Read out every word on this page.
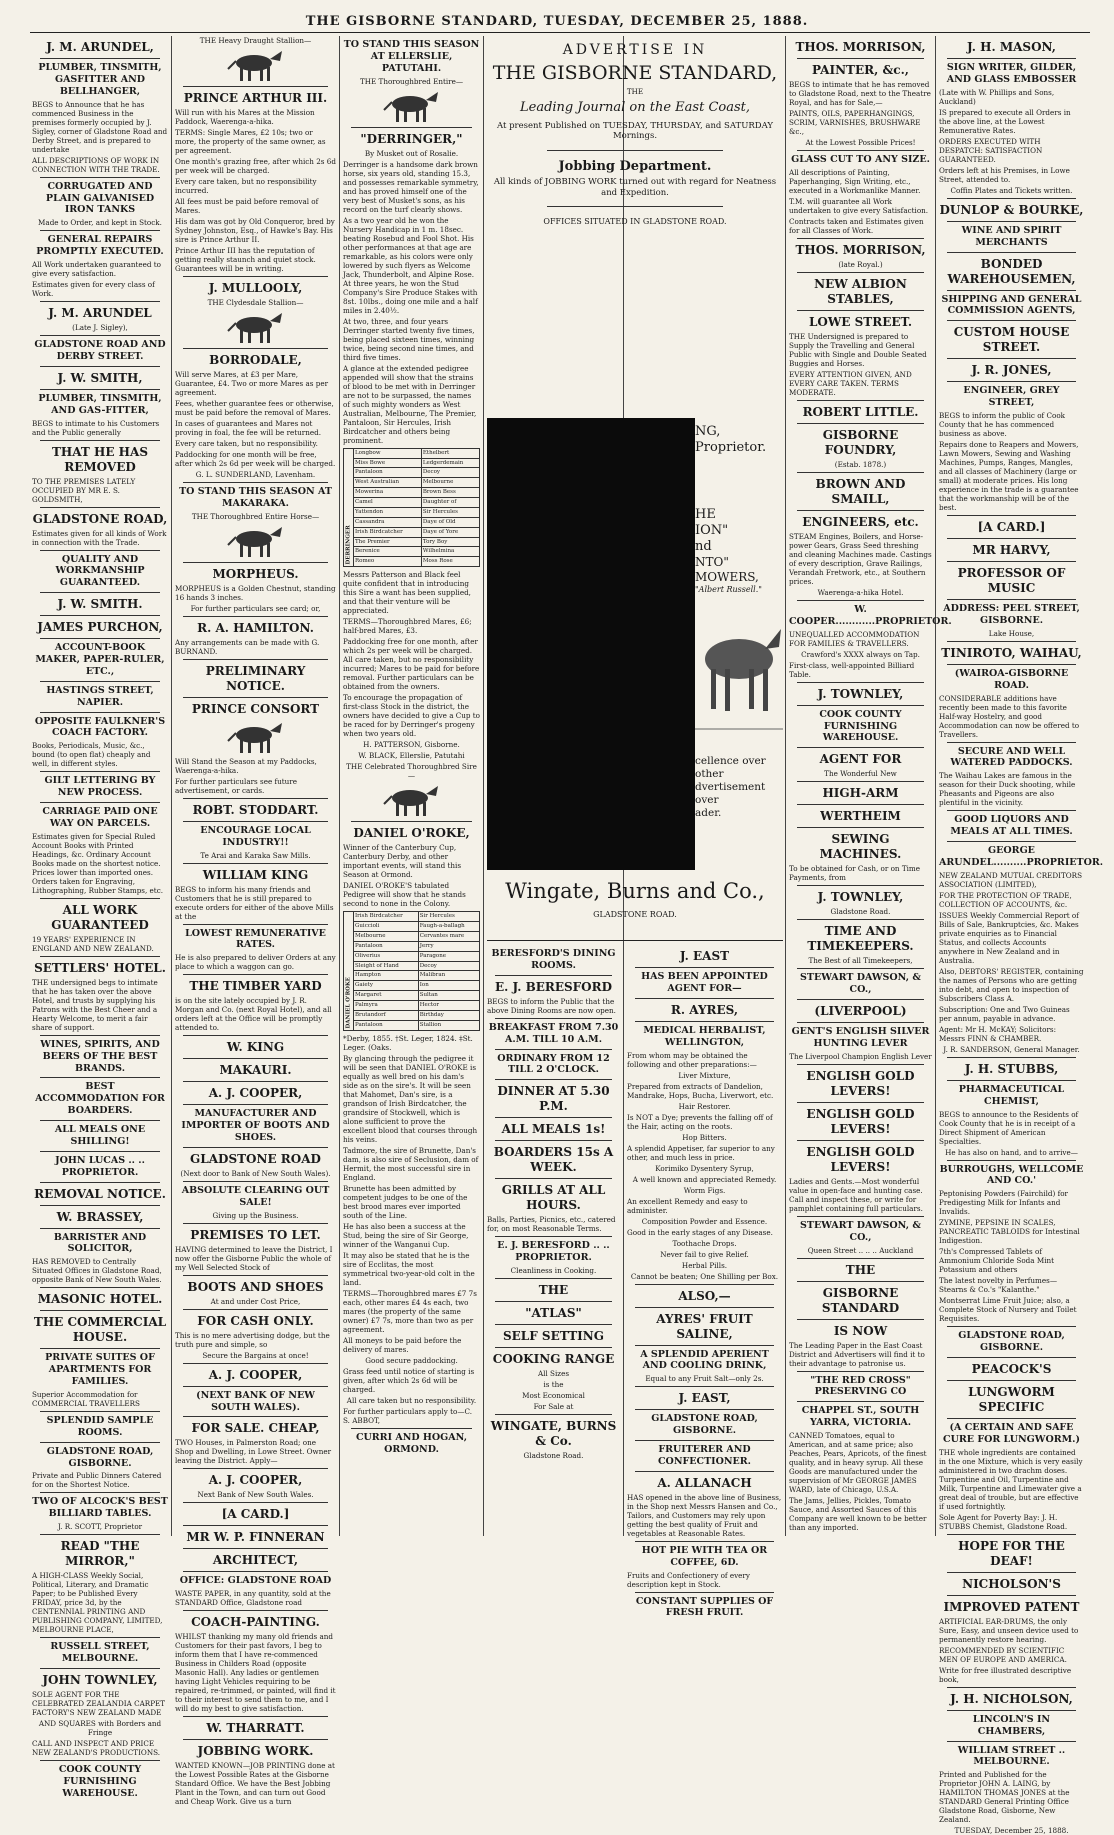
THE GISBORNE STANDARD, TUESDAY, DECEMBER 25, 1888.

J. M. ARUNDEL,

PLUMBER, TINSMITH, GASFITTER AND BELLHANGER,

BEGS to Announce that he has commenced Business in the premises formerly occupied by J. Sigley, corner of Gladstone Road and Derby Street, and is prepared to undertake

ALL DESCRIPTIONS OF WORK IN CONNECTION WITH THE TRADE.

CORRUGATED AND PLAIN GALVANISED IRON TANKS

Made to Order, and kept in Stock.

GENERAL REPAIRS PROMPTLY EXECUTED.

All Work undertaken guaranteed to give every satisfaction.

Estimates given for every class of Work.

J. M. ARUNDEL

(Late J. Sigley),

GLADSTONE ROAD AND DERBY STREET.

J. W. SMITH,

PLUMBER, TINSMITH, AND GAS-FITTER,

BEGS to intimate to his Customers and the Public generally

THAT HE HAS REMOVED

TO THE PREMISES LATELY OCCUPIED BY MR E. S. GOLDSMITH,

GLADSTONE ROAD,

Estimates given for all kinds of Work in connection with the Trade.

QUALITY AND WORKMANSHIP GUARANTEED.

J. W. SMITH.

JAMES PURCHON,

ACCOUNT-BOOK MAKER, PAPER-RULER, ETC.,

HASTINGS STREET, NAPIER.

OPPOSITE FAULKNER'S COACH FACTORY.

Books, Periodicals, Music, &c., bound (to open flat) cheaply and well, in different styles.

GILT LETTERING BY NEW PROCESS.

CARRIAGE PAID ONE WAY ON PARCELS.

Estimates given for Special Ruled Account Books with Printed Headings, &c. Ordinary Account Books made on the shortest notice. Prices lower than imported ones. Orders taken for Engraving, Lithographing, Rubber Stamps, etc.

ALL WORK GUARANTEED

19 YEARS' EXPERIENCE IN ENGLAND AND NEW ZEALAND.

SETTLERS' HOTEL.

THE undersigned begs to intimate that he has taken over the above Hotel, and trusts by supplying his Patrons with the Best Cheer and a Hearty Welcome, to merit a fair share of support.

WINES, SPIRITS, AND BEERS OF THE BEST BRANDS.

BEST ACCOMMODATION FOR BOARDERS.

ALL MEALS ONE SHILLING!

JOHN LUCAS .. .. PROPRIETOR.

REMOVAL NOTICE.

W. BRASSEY,

BARRISTER AND SOLICITOR,

HAS REMOVED to Centrally Situated Offices in Gladstone Road, opposite Bank of New South Wales.

MASONIC HOTEL.

THE COMMERCIAL HOUSE.

PRIVATE SUITES OF APARTMENTS FOR FAMILIES.

Superior Accommodation for COMMERCIAL TRAVELLERS

SPLENDID SAMPLE ROOMS.

GLADSTONE ROAD, GISBORNE.

Private and Public Dinners Catered for on the Shortest Notice.

TWO OF ALCOCK'S BEST BILLIARD TABLES.

J. R. SCOTT, Proprietor

READ "THE MIRROR,"

A HIGH-CLASS Weekly Social, Political, Literary, and Dramatic Paper; to be Published Every FRIDAY, price 3d, by the CENTENNIAL PRINTING AND PUBLISHING COMPANY, LIMITED, MELBOURNE PLACE,

RUSSELL STREET, MELBOURNE.

JOHN TOWNLEY,

SOLE AGENT FOR THE CELEBRATED ZEALANDIA CARPET FACTORY'S NEW ZEALAND MADE

AND SQUARES with Borders and Fringe

CALL AND INSPECT AND PRICE NEW ZEALAND'S PRODUCTIONS.

COOK COUNTY FURNISHING WAREHOUSE.

THE Heavy Draught Stallion—

PRINCE ARTHUR III.

Will run with his Mares at the Mission Paddock, Waerenga-a-hika.

TERMS: Single Mares, £2 10s; two or more, the property of the same owner, as per agreement.

One month's grazing free, after which 2s 6d per week will be charged.

Every care taken, but no responsibility incurred.

All fees must be paid before removal of Mares.

His dam was got by Old Conqueror, bred by Sydney Johnston, Esq., of Hawke's Bay. His sire is Prince Arthur II.

Prince Arthur III has the reputation of getting really staunch and quiet stock. Guarantees will be in writing.

J. MULLOOLY,

THE Clydesdale Stallion—

BORRODALE,

Will serve Mares, at £3 per Mare, Guarantee, £4. Two or more Mares as per agreement.

Fees, whether guarantee fees or otherwise, must be paid before the removal of Mares.

In cases of guarantees and Mares not proving in foal, the fee will be returned.

Every care taken, but no responsibility.

Paddocking for one month will be free, after which 2s 6d per week will be charged.

G. L. SUNDERLAND, Lavenham.

TO STAND THIS SEASON AT MAKARAKA.

THE Thoroughbred Entire Horse—

MORPHEUS.

MORPHEUS is a Golden Chestnut, standing 16 hands 3 inches.

For further particulars see card; or,

R. A. HAMILTON.

Any arrangements can be made with G. BURNAND.

PRELIMINARY NOTICE.

PRINCE CONSORT

Will Stand the Season at my Paddocks, Waerenga-a-hika.

For further particulars see future advertisement, or cards.

ROBT. STODDART.

ENCOURAGE LOCAL INDUSTRY!!

Te Arai and Karaka Saw Mills.

WILLIAM KING

BEGS to inform his many friends and Customers that he is still prepared to execute orders for either of the above Mills at the

LOWEST REMUNERATIVE RATES.

He is also prepared to deliver Orders at any place to which a waggon can go.

THE TIMBER YARD

is on the site lately occupied by J. R. Morgan and Co. (next Royal Hotel), and all orders left at the Office will be promptly attended to.

W. KING

MAKAURI.

A. J. COOPER,

MANUFACTURER AND IMPORTER OF BOOTS AND SHOES.

GLADSTONE ROAD

(Next door to Bank of New South Wales).

ABSOLUTE CLEARING OUT SALE!

Giving up the Business.

PREMISES TO LET.

HAVING determined to leave the District, I now offer the Gisborne Public the whole of my Well Selected Stock of

BOOTS AND SHOES

At and under Cost Price,

FOR CASH ONLY.

This is no mere advertising dodge, but the truth pure and simple, so

Secure the Bargains at once!

A. J. COOPER,

(NEXT BANK OF NEW SOUTH WALES).

FOR SALE. CHEAP,

TWO Houses, in Palmerston Road; one Shop and Dwelling, in Lowe Street. Owner leaving the District. Apply—

A. J. COOPER,

Next Bank of New South Wales.

[A CARD.]

MR W. P. FINNERAN

ARCHITECT,

OFFICE: GLADSTONE ROAD

WASTE PAPER, in any quantity, sold at the STANDARD Office, Gladstone road

COACH-PAINTING.

WHILST thanking my many old friends and Customers for their past favors, I beg to inform them that I have re-commenced Business in Childers Road (opposite Masonic Hall). Any ladies or gentlemen having Light Vehicles requiring to be repaired, re-trimmed, or painted, will find it to their interest to send them to me, and I will do my best to give satisfaction.

W. THARRATT.

JOBBING WORK.

WANTED KNOWN—JOB PRINTING done at the Lowest Possible Rates at the Gisborne Standard Office. We have the Best Jobbing Plant in the Town, and can turn out Good and Cheap Work. Give us a turn

TO STAND THIS SEASON AT ELLERSLIE, PATUTAHI.

THE Thoroughbred Entire—

"DERRINGER,"

By Musket out of Rosalie.

Derringer is a handsome dark brown horse, six years old, standing 15.3, and possesses remarkable symmetry, and has proved himself one of the very best of Musket's sons, as his record on the turf clearly shows.

As a two year old he won the Nursery Handicap in 1 m. 18sec. beating Rosebud and Fool Shot. His other performances at that age are remarkable, as his colors were only lowered by such flyers as Welcome Jack, Thunderbolt, and Alpine Rose. At three years, he won the Stud Company's Sire Produce Stakes with 8st. 10lbs., doing one mile and a half miles in 2.40½.

At two, three, and four years Derringer started twenty five times, being placed sixteen times, winning twice, being second nine times, and third five times.

A glance at the extended pedigree appended will show that the strains of blood to be met with in Derringer are not to be surpassed, the names of such mighty wonders as West Australian, Melbourne, The Premier, Pantaloon, Sir Hercules, Irish Birdcatcher and others being prominent.

DERRINGER	Longbow	Ethelbert
	Miss Bowe	Ledgerdemain
	Pantaloon	Decoy
	West Australian	Melbourne
	Mowerina	Brown Bess
	Camel	Daughter of
	Yattendon	Sir Hercules
	Cassandra	Daye of Old
	Irish Birdcatcher	Daye of Yore
	The Premier	Tory Boy
	Berenice	Wilhelmina
	Romeo	Moss Rose

Messrs Patterson and Black feel quite confident that in introducing this Sire a want has been supplied, and that their venture will be appreciated.

TERMS—Thoroughbred Mares, £6; half-bred Mares, £3.

Paddocking free for one month, after which 2s per week will be charged. All care taken, but no responsibility incurred; Mares to be paid for before removal. Further particulars can be obtained from the owners.

To encourage the propagation of first-class Stock in the district, the owners have decided to give a Cup to be raced for by Derringer's progeny when two years old.

H. PATTERSON, Gisborne.

W. BLACK, Ellerslie, Patutahi

THE Celebrated Thoroughbred Sire—

DANIEL O'ROKE,

Winner of the Canterbury Cup, Canterbury Derby, and other important events, will stand this Season at Ormond.

DANIEL O'ROKE'S tabulated Pedigree will show that he stands second to none in the Colony.

DANIEL O'ROKE	Irish Birdcatcher	Sir Hercules
	Guiccioli	Faugh-a-ballagh
	Melbourne	Cervantes mare
	Pantaloon	Jerry
	Oliverius	Paragone
	Sleight of Hand	Decoy
	Hampton	Malibran
	Gaiety	Ion
	Margaret	Sultan
	Palmyra	Hector
	Brutandorf	Birthday
	Pantaloon	Stallion

*Derby, 1855. †St. Leger, 1824. ‡St. Leger. (Oaks.

By glancing through the pedigree it will be seen that DANIEL O'ROKE is equally as well bred on his dam's side as on the sire's. It will be seen that Mahomet, Dan's sire, is a grandson of Irish Birdcatcher, the grandsire of Stockwell, which is alone sufficient to prove the excellent blood that courses through his veins.

Tadmore, the sire of Brunette, Dan's dam, is also sire of Seclusion, dam of Hermit, the most successful sire in England.

Brunette has been admitted by competent judges to be one of the best brood mares ever imported south of the Line.

He has also been a success at the Stud, being the sire of Sir George, winner of the Wanganui Cup.

It may also be stated that he is the sire of Ecclitas, the most symmetrical two-year-old colt in the land.

TERMS—Thoroughbred mares £7 7s each, other mares £4 4s each, two mares (the property of the same owner) £7 7s, more than two as per agreement.

All moneys to be paid before the delivery of mares.

Good secure paddocking.

Grass feed until notice of starting is given, after which 2s 6d will be charged.

All care taken but no responsibility.

For further particulars apply to—C. S. ABBOT,

CURRI AND HOGAN, ORMOND.

ADVERTISE IN
THE GISBORNE STANDARD,
THE
Leading Journal on the East Coast,
At present Published on TUESDAY, THURSDAY, and SATURDAY Mornings.
Jobbing Department.
All kinds of JOBBING WORK turned out with regard for Neatness and Expedition.
OFFICES SITUATED IN GLADSTONE ROAD.
NG, Proprietor.
HE
ION"
nd
NTO" MOWERS,
"Albert Russell."
cellence over other
dvertisement over
ader.
Wingate, Burns and Co.,
GLADSTONE ROAD.

BERESFORD'S DINING ROOMS.

E. J. BERESFORD

BEGS to inform the Public that the above Dining Rooms are now open.

BREAKFAST FROM 7.30 A.M. TILL 10 A.M.

ORDINARY FROM 12 TILL 2 O'CLOCK.

DINNER AT 5.30 P.M.

ALL MEALS 1s!

BOARDERS 15s A WEEK.

GRILLS AT ALL HOURS.

Balls, Parties, Picnics, etc., catered for, on most Reasonable Terms.

E. J. BERESFORD .. .. PROPRIETOR.

Cleanliness in Cooking.

THE

"ATLAS"

SELF SETTING

COOKING RANGE

All Sizes

is the

Most Economical

For Sale at

WINGATE, BURNS & Co.

Gladstone Road.

J. EAST

HAS BEEN APPOINTED AGENT FOR—

R. AYRES,

MEDICAL HERBALIST, WELLINGTON,

From whom may be obtained the following and other preparations:—

Liver Mixture,

Prepared from extracts of Dandelion, Mandrake, Hops, Bucha, Liverwort, etc.

Hair Restorer.

Is NOT a Dye; prevents the falling off of the Hair, acting on the roots.

Hop Bitters.

A splendid Appetiser, far superior to any other, and much less in price.

Korimiko Dysentery Syrup,

A well known and appreciated Remedy.

Worm Figs.

An excellent Remedy and easy to administer.

Composition Powder and Essence.

Good in the early stages of any Disease.

Toothache Drops.

Never fail to give Relief.

Herbal Pills.

Cannot be beaten; One Shilling per Box.

ALSO,—

AYRES' FRUIT SALINE,

A SPLENDID APERIENT AND COOLING DRINK,

Equal to any Fruit Salt—only 2s.

J. EAST,

GLADSTONE ROAD, GISBORNE.

FRUITERER AND CONFECTIONER.

A. ALLANACH

HAS opened in the above line of Business, in the Shop next Messrs Hansen and Co., Tailors, and Customers may rely upon getting the best quality of Fruit and vegetables at Reasonable Rates.

HOT PIE WITH TEA OR COFFEE, 6D.

Fruits and Confectionery of every description kept in Stock.

CONSTANT SUPPLIES OF FRESH FRUIT.

THOS. MORRISON,

PAINTER, &c.,

BEGS to intimate that he has removed to Gladstone Road, next to the Theatre Royal, and has for Sale,—

PAINTS, OILS, PAPERHANGINGS, SCRIM, VARNISHES, BRUSHWARE &c.,

At the Lowest Possible Prices!

GLASS CUT TO ANY SIZE.

All descriptions of Painting, Paperhanging, Sign Writing, etc., executed in a Workmanlike Manner.

T.M. will guarantee all Work undertaken to give every Satisfaction.

Contracts taken and Estimates given for all Classes of Work.

THOS. MORRISON,

(late Royal.)

NEW ALBION STABLES,

LOWE STREET.

THE Undersigned is prepared to Supply the Travelling and General Public with Single and Double Seated Buggies and Horses.

EVERY ATTENTION GIVEN, AND EVERY CARE TAKEN. TERMS MODERATE.

ROBERT LITTLE.

GISBORNE FOUNDRY,

(Estab. 1878.)

BROWN AND SMAILL,

ENGINEERS, etc.

STEAM Engines, Boilers, and Horse-power Gears, Grass Seed threshing and cleaning Machines made. Castings of every description, Grave Railings, Verandah Fretwork, etc., at Southern prices.

Waerenga-a-hika Hotel.

W. COOPER............PROPRIETOR.

UNEQUALLED ACCOMMODATION FOR FAMILIES & TRAVELLERS.

Crawford's XXXX always on Tap.

First-class, well-appointed Billiard Table.

J. TOWNLEY,

COOK COUNTY FURNISHING WAREHOUSE.

AGENT FOR

The Wonderful New

HIGH-ARM

WERTHEIM

SEWING MACHINES.

To be obtained for Cash, or on Time Payments, from

J. TOWNLEY,

Gladstone Road.

TIME AND TIMEKEEPERS.

The Best of all Timekeepers,

STEWART DAWSON, & CO.,

(LIVERPOOL)

GENT'S ENGLISH SILVER HUNTING LEVER

The Liverpool Champion English Lever

ENGLISH GOLD LEVERS!

ENGLISH GOLD LEVERS!

ENGLISH GOLD LEVERS!

Ladies and Gents.—Most wonderful value in open-face and hunting case. Call and inspect these, or write for pamphlet containing full particulars.

STEWART DAWSON, & CO.,

Queen Street .. .. .. Auckland

THE

GISBORNE STANDARD

IS NOW

The Leading Paper in the East Coast District and Advertisers will find it to their advantage to patronise us.

"THE RED CROSS" PRESERVING CO

CHAPPEL ST., SOUTH YARRA, VICTORIA.

CANNED Tomatoes, equal to American, and at same price; also Peaches, Pears, Apricots, of the finest quality, and in heavy syrup. All these Goods are manufactured under the supervision of Mr GEORGE JAMES WARD, late of Chicago, U.S.A.

The Jams, Jellies, Pickles, Tomato Sauce, and Assorted Sauces of this Company are well known to be better than any imported.

J. H. MASON,

SIGN WRITER, GILDER, AND GLASS EMBOSSER

(Late with W. Phillips and Sons, Auckland)

IS prepared to execute all Orders in the above line, at the Lowest Remunerative Rates.

ORDERS EXECUTED WITH DESPATCH: SATISFACTION GUARANTEED.

Orders left at his Premises, in Lowe Street, attended to.

Coffin Plates and Tickets written.

DUNLOP & BOURKE,

WINE AND SPIRIT MERCHANTS

BONDED WAREHOUSEMEN,

SHIPPING AND GENERAL COMMISSION AGENTS,

CUSTOM HOUSE STREET.

J. R. JONES,

ENGINEER, GREY STREET,

BEGS to inform the public of Cook County that he has commenced business as above.

Repairs done to Reapers and Mowers, Lawn Mowers, Sewing and Washing Machines, Pumps, Ranges, Mangles, and all classes of Machinery (large or small) at moderate prices. His long experience in the trade is a guarantee that the workmanship will be of the best.

[A CARD.]

MR HARVY,

PROFESSOR OF MUSIC

ADDRESS: PEEL STREET, GISBORNE.

Lake House,

TINIROTO, WAIHAU,

(WAIROA-GISBORNE ROAD.

CONSIDERABLE additions have recently been made to this favorite Half-way Hostelry, and good Accommodation can now be offered to Travellers.

SECURE AND WELL WATERED PADDOCKS.

The Waihau Lakes are famous in the season for their Duck shooting, while Pheasants and Pigeons are also plentiful in the vicinity.

GOOD LIQUORS AND MEALS AT ALL TIMES.

GEORGE ARUNDEL..........PROPRIETOR.

NEW ZEALAND MUTUAL CREDITORS ASSOCIATION (LIMITED),

FOR THE PROTECTION OF TRADE, COLLECTION OF ACCOUNTS, &c.

ISSUES Weekly Commercial Report of Bills of Sale, Bankruptcies, &c. Makes private enquiries as to Financial Status, and collects Accounts anywhere in New Zealand and in Australia.

Also, DEBTORS' REGISTER, containing the names of Persons who are getting into debt, and open to inspection of Subscribers Class A.

Subscription: One and Two Guineas per annum, payable in advance.

Agent: Mr H. McKAY; Solicitors: Messrs FINN & CHAMBER.

J. R. SANDERSON, General Manager.

J. H. STUBBS,

PHARMACEUTICAL CHEMIST,

BEGS to announce to the Residents of Cook County that he is in receipt of a Direct Shipment of American Specialties.

He has also on hand, and to arrive—

BURROUGHS, WELLCOME AND CO.'

Peptonising Powders (Fairchild) for Predigesting Milk for Infants and Invalids.

ZYMINE, PEPSINE IN SCALES, PANCREATIC TABLOIDS for Intestinal Indigestion.

7th's Compressed Tablets of Ammonium Chloride Soda Mint Potassium and others

The latest novelty in Perfumes—Stearns & Co.'s "Kalanthe."

Montserrat Lime Fruit Juice; also, a Complete Stock of Nursery and Toilet Requisites.

GLADSTONE ROAD, GISBORNE.

PEACOCK'S

LUNGWORM SPECIFIC

(A CERTAIN AND SAFE CURE FOR LUNGWORM.)

THE whole ingredients are contained in the one Mixture, which is very easily administered in two drachm doses. Turpentine and Oil, Turpentine and Milk, Turpentine and Limewater give a great deal of trouble, but are effective if used fortnightly.

Sole Agent for Poverty Bay: J. H. STUBBS Chemist, Gladstone Road.

HOPE FOR THE DEAF!

NICHOLSON'S

IMPROVED PATENT

ARTIFICIAL EAR-DRUMS, the only Sure, Easy, and unseen device used to permanently restore hearing.

RECOMMENDED BY SCIENTIFIC MEN OF EUROPE AND AMERICA.

Write for free illustrated descriptive book,

J. H. NICHOLSON,

LINCOLN'S IN CHAMBERS,

WILLIAM STREET .. MELBOURNE.

Printed and Published for the Proprietor JOHN A. LAING, by HAMILTON THOMAS JONES at the STANDARD General Printing Office Gladstone Road, Gisborne, New Zealand.

TUESDAY, December 25, 1888.
